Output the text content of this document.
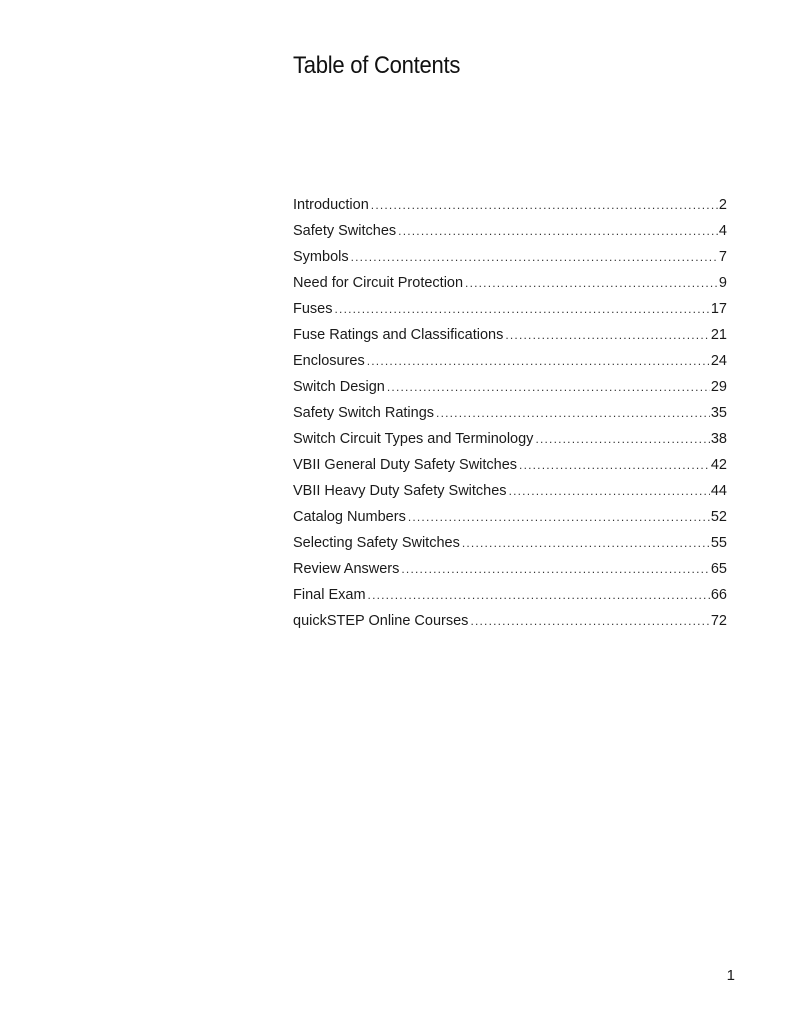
Table of Contents
Introduction .....	2
Safety Switches .....	4
Symbols .....	7
Need for Circuit Protection .....	9
Fuses .....	17
Fuse Ratings and Classifications .....	21
Enclosures .....	24
Switch Design .....	29
Safety Switch Ratings .....	35
Switch Circuit Types and Terminology .....	38
VBII General Duty Safety Switches .....	42
VBII Heavy Duty Safety Switches .....	44
Catalog Numbers .....	52
Selecting Safety Switches .....	55
Review Answers .....	65
Final Exam .....	66
quickSTEP Online Courses .....	72
1
